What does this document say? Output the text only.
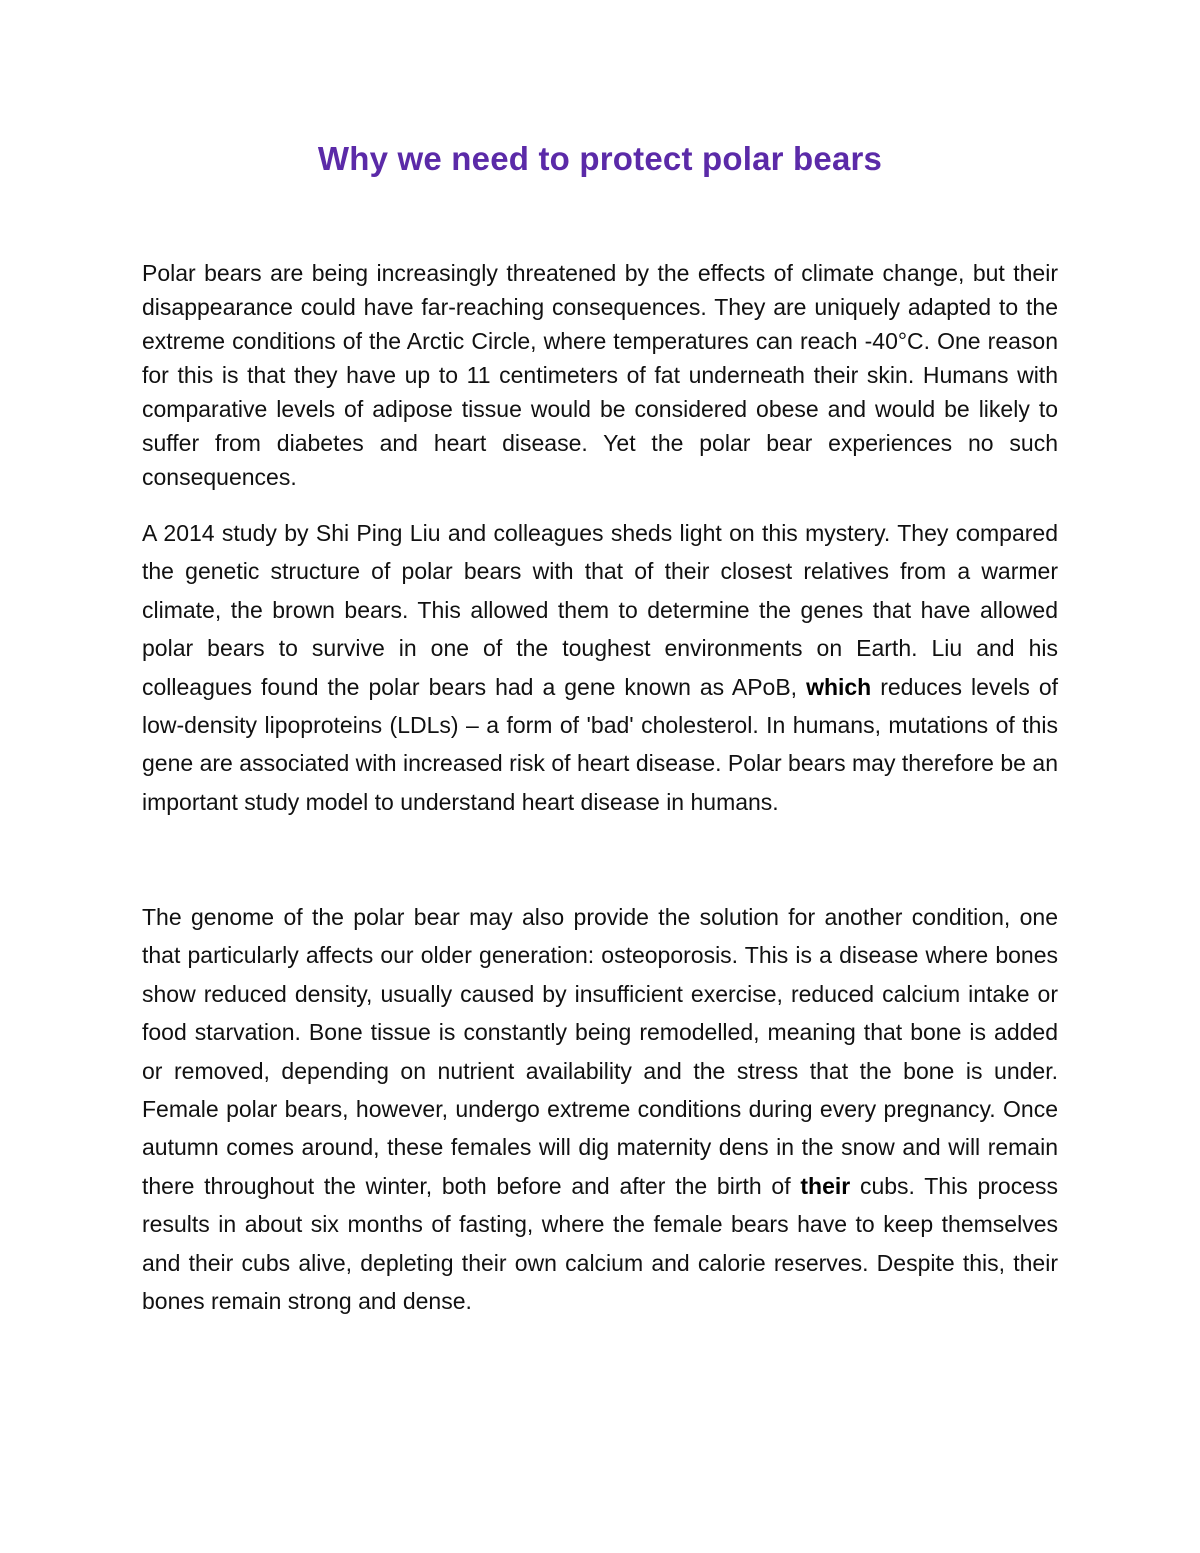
Why we need to protect polar bears

Polar bears are being increasingly threatened by the effects of climate change, but their disappearance could have far-reaching consequences. They are uniquely adapted to the extreme conditions of the Arctic Circle, where temperatures can reach -40°C. One reason for this is that they have up to 11 centimeters of fat underneath their skin. Humans with comparative levels of adipose tissue would be considered obese and would be likely to suffer from diabetes and heart disease. Yet the polar bear experiences no such consequences.

A 2014 study by Shi Ping Liu and colleagues sheds light on this mystery. They compared the genetic structure of polar bears with that of their closest relatives from a warmer climate, the brown bears. This allowed them to determine the genes that have allowed polar bears to survive in one of the toughest environments on Earth. Liu and his colleagues found the polar bears had a gene known as APoB, which reduces levels of low-density lipoproteins (LDLs) – a form of 'bad' cholesterol. In humans, mutations of this gene are associated with increased risk of heart disease. Polar bears may therefore be an important study model to understand heart disease in humans.

The genome of the polar bear may also provide the solution for another condition, one that particularly affects our older generation: osteoporosis. This is a disease where bones show reduced density, usually caused by insufficient exercise, reduced calcium intake or food starvation. Bone tissue is constantly being remodelled, meaning that bone is added or removed, depending on nutrient availability and the stress that the bone is under. Female polar bears, however, undergo extreme conditions during every pregnancy. Once autumn comes around, these females will dig maternity dens in the snow and will remain there throughout the winter, both before and after the birth of their cubs. This process results in about six months of fasting, where the female bears have to keep themselves and their cubs alive, depleting their own calcium and calorie reserves. Despite this, their bones remain strong and dense.
